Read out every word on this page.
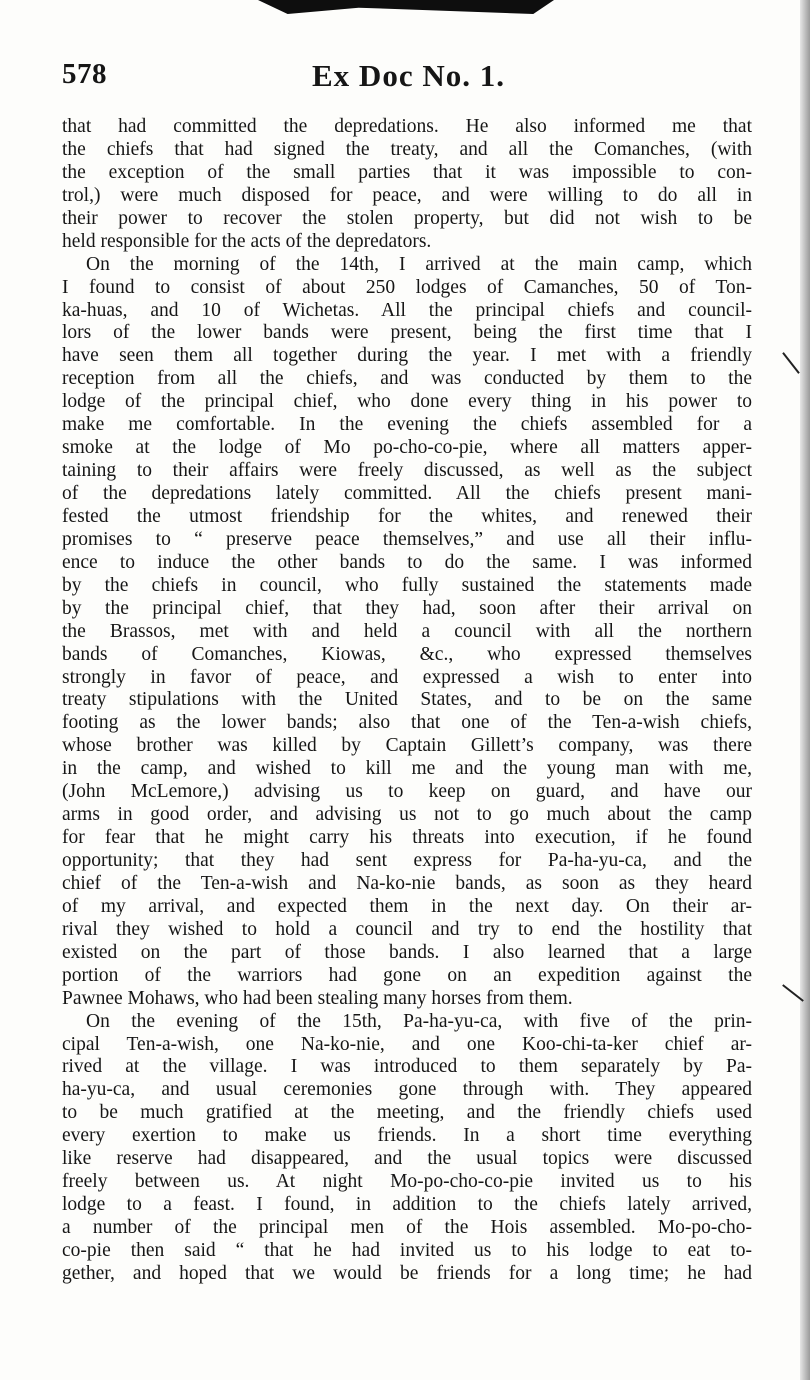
578	Ex Doc No. 1.
that had committed the depredations. He also informed me that
the chiefs that had signed the treaty, and all the Comanches, (with
the exception of the small parties that it was impossible to con-
trol,) were much disposed for peace, and were willing to do all in
their power to recover the stolen property, but did not wish to be
held responsible for the acts of the depredators.
On the morning of the 14th, I arrived at the main camp, which
I found to consist of about 250 lodges of Camanches, 50 of Ton-
ka-huas, and 10 of Wichetas. All the principal chiefs and council-
lors of the lower bands were present, being the first time that I
have seen them all together during the year. I met with a friendly
reception from all the chiefs, and was conducted by them to the
lodge of the principal chief, who done every thing in his power to
make me comfortable. In the evening the chiefs assembled for a
smoke at the lodge of Mo po-cho-co-pie, where all matters apper-
taining to their affairs were freely discussed, as well as the subject
of the depredations lately committed. All the chiefs present mani-
fested the utmost friendship for the whites, and renewed their
promises to “ preserve peace themselves,” and use all their influ-
ence to induce the other bands to do the same. I was informed
by the chiefs in council, who fully sustained the statements made
by the principal chief, that they had, soon after their arrival on
the Brassos, met with and held a council with all the northern
bands of Comanches, Kiowas, &c., who expressed themselves
strongly in favor of peace, and expressed a wish to enter into
treaty stipulations with the United States, and to be on the same
footing as the lower bands; also that one of the Ten-a-wish chiefs,
whose brother was killed by Captain Gillett’s company, was there
in the camp, and wished to kill me and the young man with me,
(John McLemore,) advising us to keep on guard, and have our
arms in good order, and advising us not to go much about the camp
for fear that he might carry his threats into execution, if he found
opportunity; that they had sent express for Pa-ha-yu-ca, and the
chief of the Ten-a-wish and Na-ko-nie bands, as soon as they heard
of my arrival, and expected them in the next day. On their ar-
rival they wished to hold a council and try to end the hostility that
existed on the part of those bands. I also learned that a large
portion of the warriors had gone on an expedition against the
Pawnee Mohaws, who had been stealing many horses from them.
On the evening of the 15th, Pa-ha-yu-ca, with five of the prin-
cipal Ten-a-wish, one Na-ko-nie, and one Koo-chi-ta-ker chief ar-
rived at the village. I was introduced to them separately by Pa-
ha-yu-ca, and usual ceremonies gone through with. They appeared
to be much gratified at the meeting, and the friendly chiefs used
every exertion to make us friends. In a short time everything
like reserve had disappeared, and the usual topics were discussed
freely between us. At night Mo-po-cho-co-pie invited us to his
lodge to a feast. I found, in addition to the chiefs lately arrived,
a number of the principal men of the Hois assembled. Mo-po-cho-
co-pie then said “ that he had invited us to his lodge to eat to-
gether, and hoped that we would be friends for a long time; he had
